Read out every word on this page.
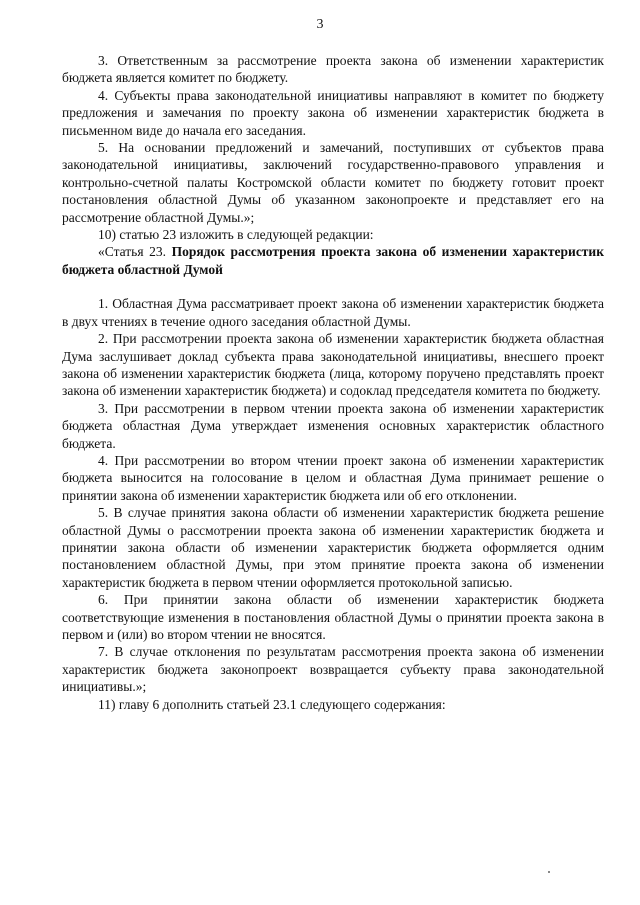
3

3. Ответственным за рассмотрение проекта закона об изменении характеристик бюджета является комитет по бюджету.

4. Субъекты права законодательной инициативы направляют в комитет по бюджету предложения и замечания по проекту закона об изменении характеристик бюджета в письменном виде до начала его заседания.

5. На основании предложений и замечаний, поступивших от субъектов права законодательной инициативы, заключений государственно-правового управления и контрольно-счетной палаты Костромской области комитет по бюджету готовит проект постановления областной Думы об указанном законопроекте и представляет его на рассмотрение областной Думы.»;

10) статью 23 изложить в следующей редакции:

«Статья 23. Порядок рассмотрения проекта закона об изменении характеристик бюджета областной Думой

1. Областная Дума рассматривает проект закона об изменении характеристик бюджета в двух чтениях в течение одного заседания областной Думы.

2. При рассмотрении проекта закона об изменении характеристик бюджета областная Дума заслушивает доклад субъекта права законодательной инициативы, внесшего проект закона об изменении характеристик бюджета (лица, которому поручено представлять проект закона об изменении характеристик бюджета) и содоклад председателя комитета по бюджету.

3. При рассмотрении в первом чтении проекта закона об изменении характеристик бюджета областная Дума утверждает изменения основных характеристик областного бюджета.

4. При рассмотрении во втором чтении проект закона об изменении характеристик бюджета выносится на голосование в целом и областная Дума принимает решение о принятии закона об изменении характеристик бюджета или об его отклонении.

5. В случае принятия закона области об изменении характеристик бюджета решение областной Думы о рассмотрении проекта закона об изменении характеристик бюджета и принятии закона области об изменении характеристик бюджета оформляется одним постановлением областной Думы, при этом принятие проекта закона об изменении характеристик бюджета в первом чтении оформляется протокольной записью.

6. При принятии закона области об изменении характеристик бюджета соответствующие изменения в постановления областной Думы о принятии проекта закона в первом и (или) во втором чтении не вносятся.

7. В случае отклонения по результатам рассмотрения проекта закона об изменении характеристик бюджета законопроект возвращается субъекту права законодательной инициативы.»;

11) главу 6 дополнить статьей 23.1 следующего содержания:
